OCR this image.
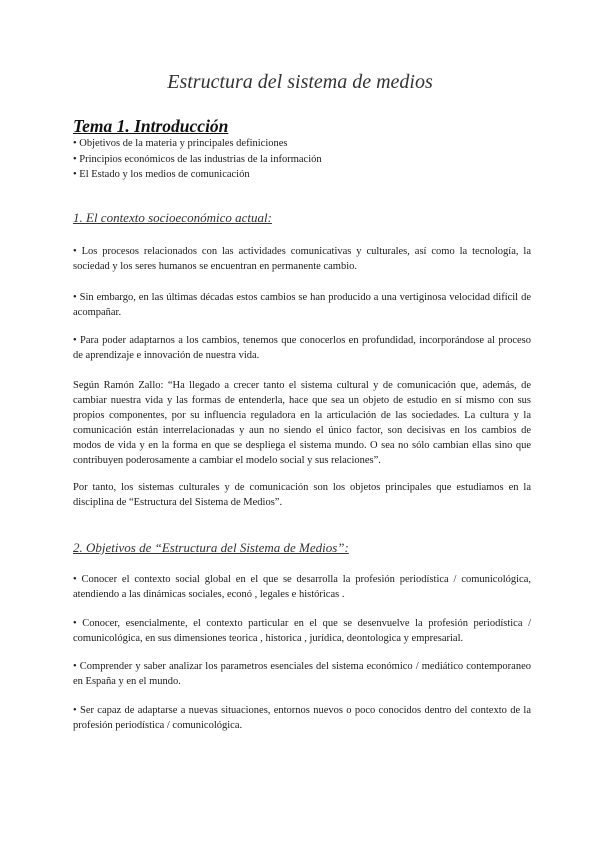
Estructura del sistema de medios
Tema 1. Introducción
• Objetivos de la materia y principales definiciones
• Principios económicos de las industrias de la información
• El Estado y los medios de comunicación
1. El contexto socioeconómico actual:

• Los procesos relacionados con las actividades comunicativas y culturales, así como la tecnología, la sociedad y los seres humanos se encuentran en permanente cambio.

• Sin embargo, en las últimas décadas estos cambios se han producido a una vertiginosa velocidad difícil de acompañar.

• Para poder adaptarnos a los cambios, tenemos que conocerlos en profundidad, incorporándose al proceso de aprendizaje e innovación de nuestra vida.

Según Ramón Zallo: “Ha llegado a crecer tanto el sistema cultural y de comunicación que, además, de cambiar nuestra vida y las formas de entenderla, hace que sea un objeto de estudio en sí mismo con sus propios componentes, por su influencia reguladora en la articulación de las sociedades. La cultura y la comunicación están interrelacionadas y aun no siendo el único factor, son decisivas en los cambios de modos de vida y en la forma en que se despliega el sistema mundo. O sea no sólo cambian ellas sino que contribuyen poderosamente a cambiar el modelo social y sus relaciones”.

Por tanto, los sistemas culturales y de comunicación son los objetos principales que estudiamos en la disciplina de “Estructura del Sistema de Medios”.

2. Objetivos de “Estructura del Sistema de Medios”:

• Conocer el contexto social global en el que se desarrolla la profesión periodística / comunicológica, atendiendo a las dinámicas sociales, econó , legales e históricas .

• Conocer, esencialmente, el contexto particular en el que se desenvuelve la profesión periodística / comunicológica, en sus dimensiones teorica , historica , jurídica, deontologica y empresarial.

• Comprender y saber analizar los parametros esenciales del sistema económico / mediático contemporaneo en España y en el mundo.

• Ser capaz de adaptarse a nuevas situaciones, entornos nuevos o poco conocidos dentro del contexto de la profesión periodística / comunicológica.
